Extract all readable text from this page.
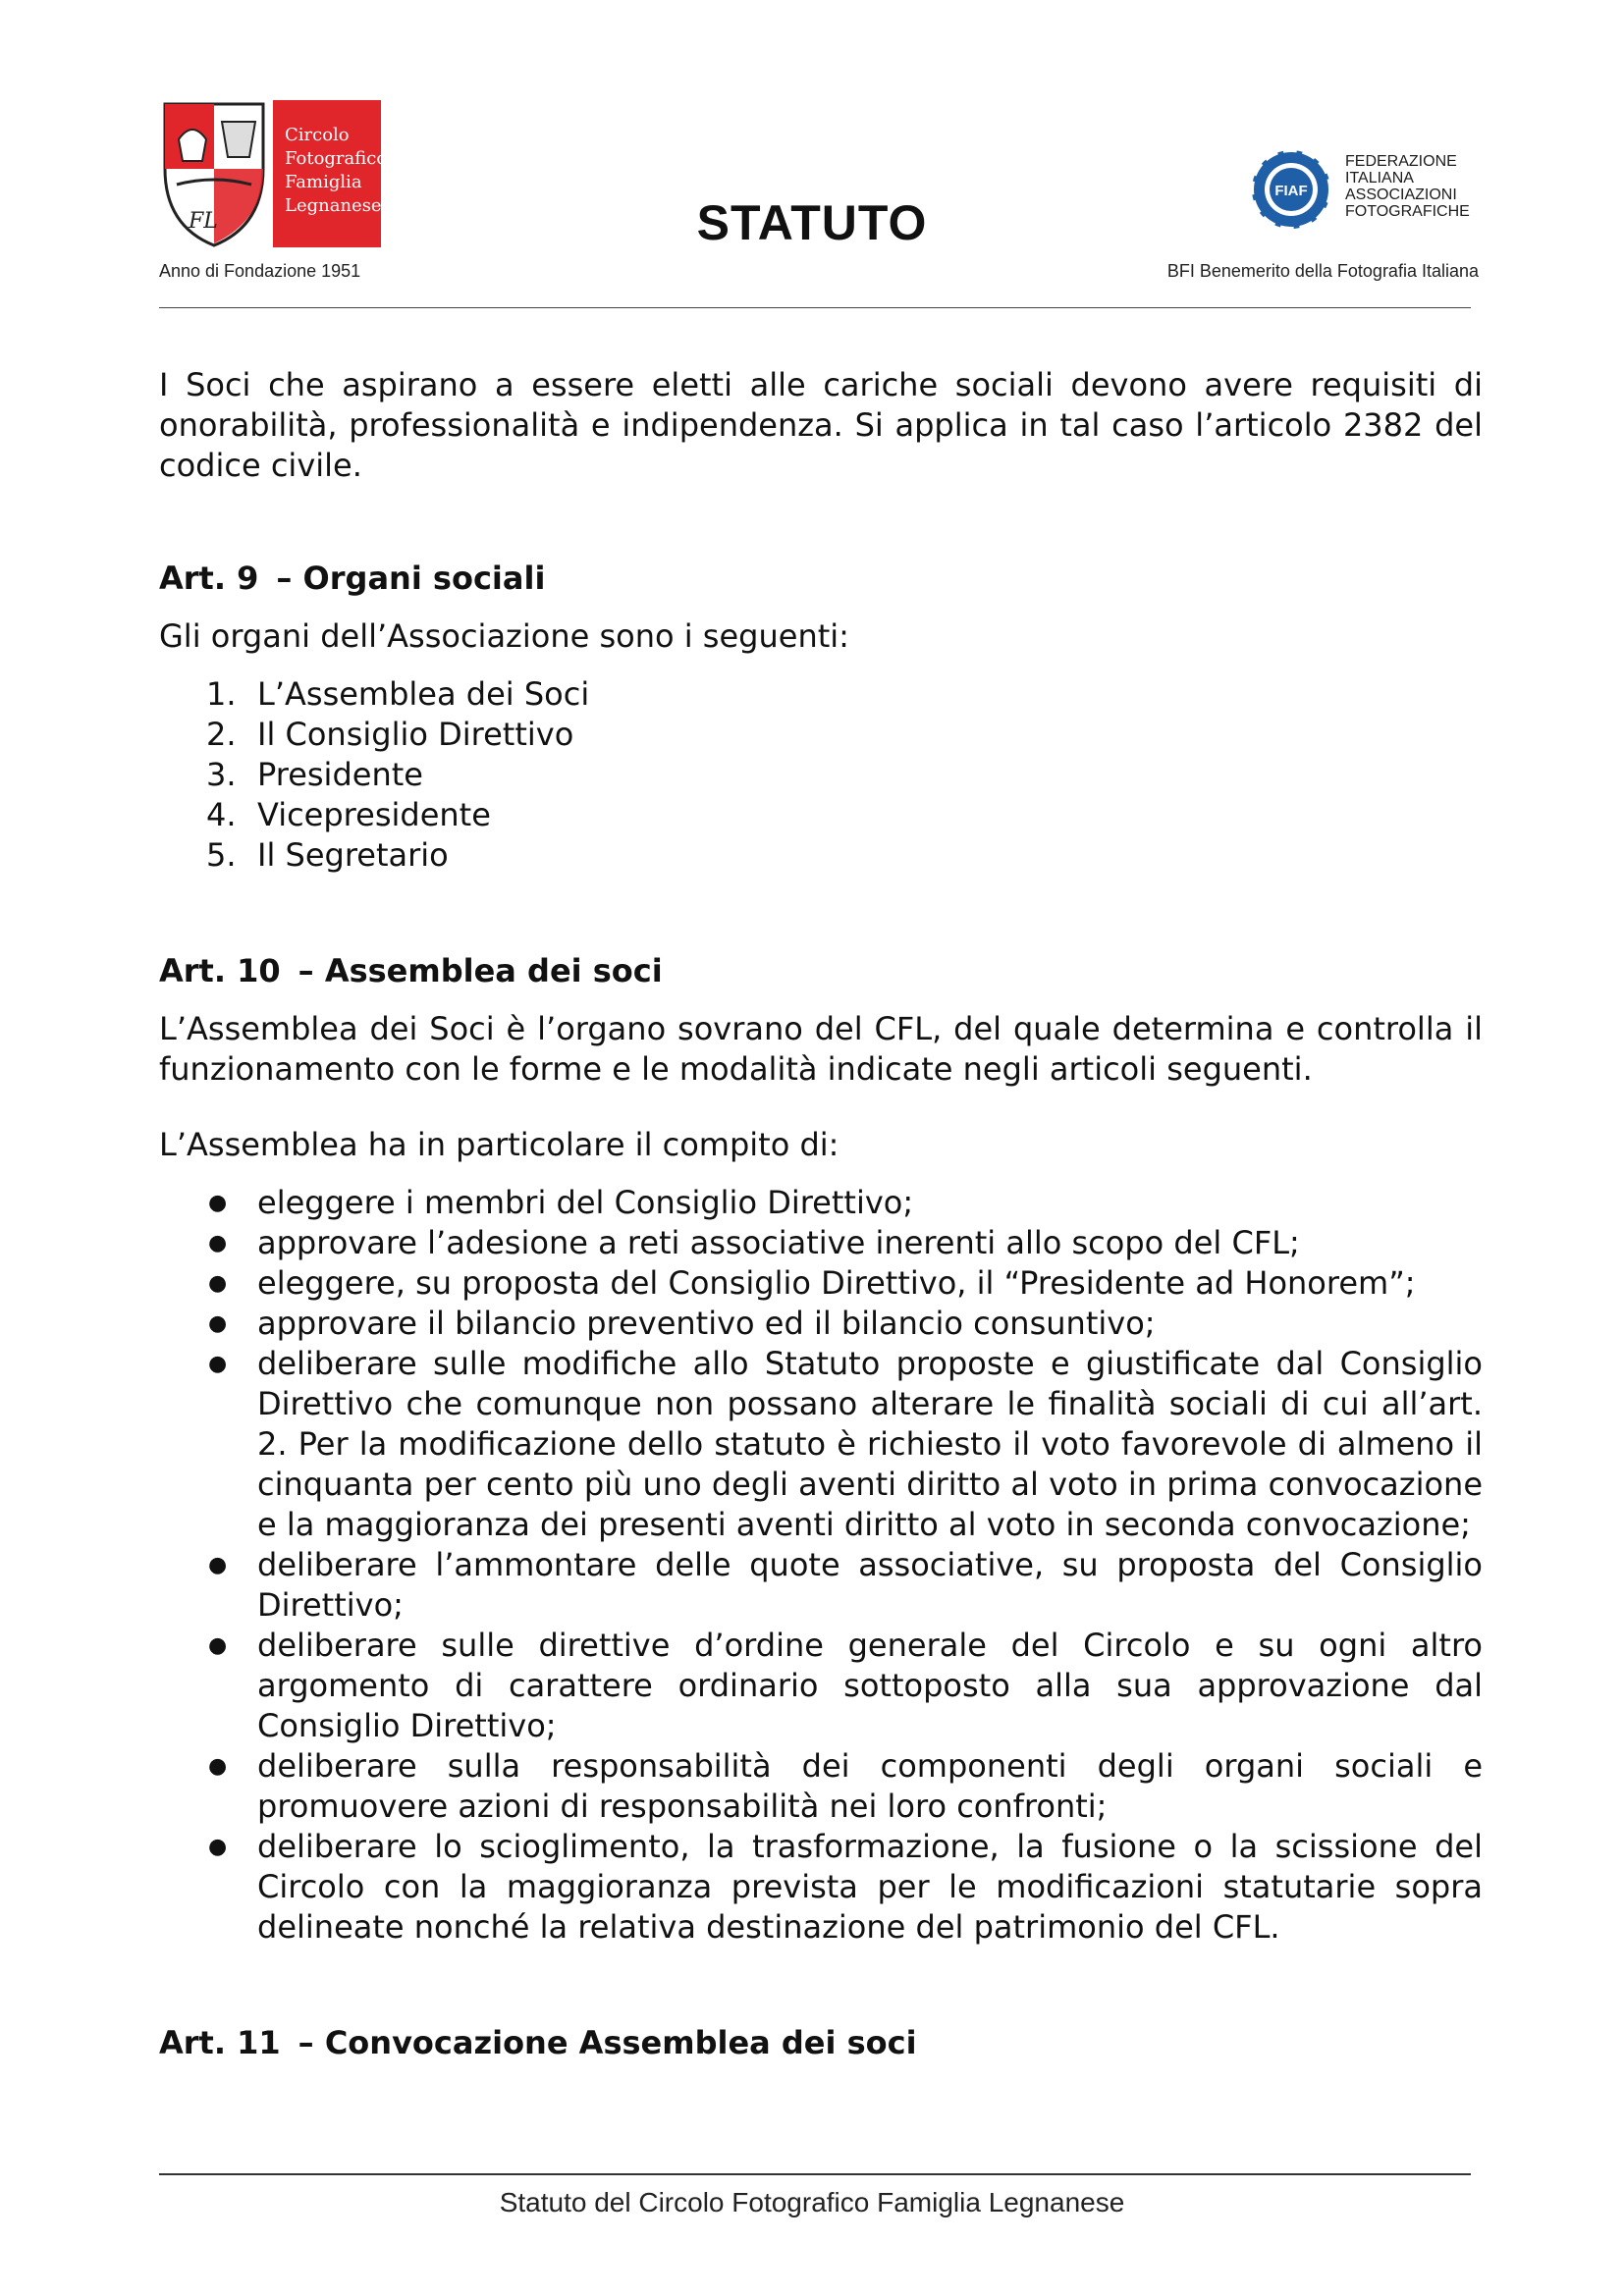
FL
Circolo
Fotografico
Famiglia
Legnanese	STATUTO
FIAF
FEDERAZIONE
ITALIANA
ASSOCIAZIONI
FOTOGRAFICHE
Anno di Fondazione 1951	BFI Benemerito della Fotografia Italiana

I Soci che aspirano a essere eletti alle cariche sociali devono avere requisiti di onorabilità, professionalità e indipendenza. Si applica in tal caso l’articolo 2382 del codice civile.

Art. 9 – Organi sociali

Gli organi dell’Associazione sono i seguenti:

1. L’Assemblea dei Soci
2. Il Consiglio Direttivo
3. Presidente
4. Vicepresidente
5. Il Segretario
Art. 10 – Assemblea dei soci

L’Assemblea dei Soci è l’organo sovrano del CFL, del quale determina e controlla il funzionamento con le forme e le modalità indicate negli articoli seguenti.

L’Assemblea ha in particolare il compito di:

● eleggere i membri del Consiglio Direttivo;
● approvare l’adesione a reti associative inerenti allo scopo del CFL;
● eleggere, su proposta del Consiglio Direttivo, il “Presidente ad Honorem”;
● approvare il bilancio preventivo ed il bilancio consuntivo;
● deliberare sulle modifiche allo Statuto proposte e giustificate dal Consiglio Direttivo che comunque non possano alterare le finalità sociali di cui all’art. 2. Per la modificazione dello statuto è richiesto il voto favorevole di almeno il cinquanta per cento più uno degli aventi diritto al voto in prima convocazione e la maggioranza dei presenti aventi diritto al voto in seconda convocazione;
● deliberare l’ammontare delle quote associative, su proposta del Consiglio Direttivo;
● deliberare sulle direttive d’ordine generale del Circolo e su ogni altro argomento di carattere ordinario sottoposto alla sua approvazione dal Consiglio Direttivo;
● deliberare sulla responsabilità dei componenti degli organi sociali e promuovere azioni di responsabilità nei loro confronti;
● deliberare lo scioglimento, la trasformazione, la fusione o la scissione del Circolo con la maggioranza prevista per le modificazioni statutarie sopra delineate nonché la relativa destinazione del patrimonio del CFL.
Art. 11 – Convocazione Assemblea dei soci
Statuto del Circolo Fotografico Famiglia Legnanese
